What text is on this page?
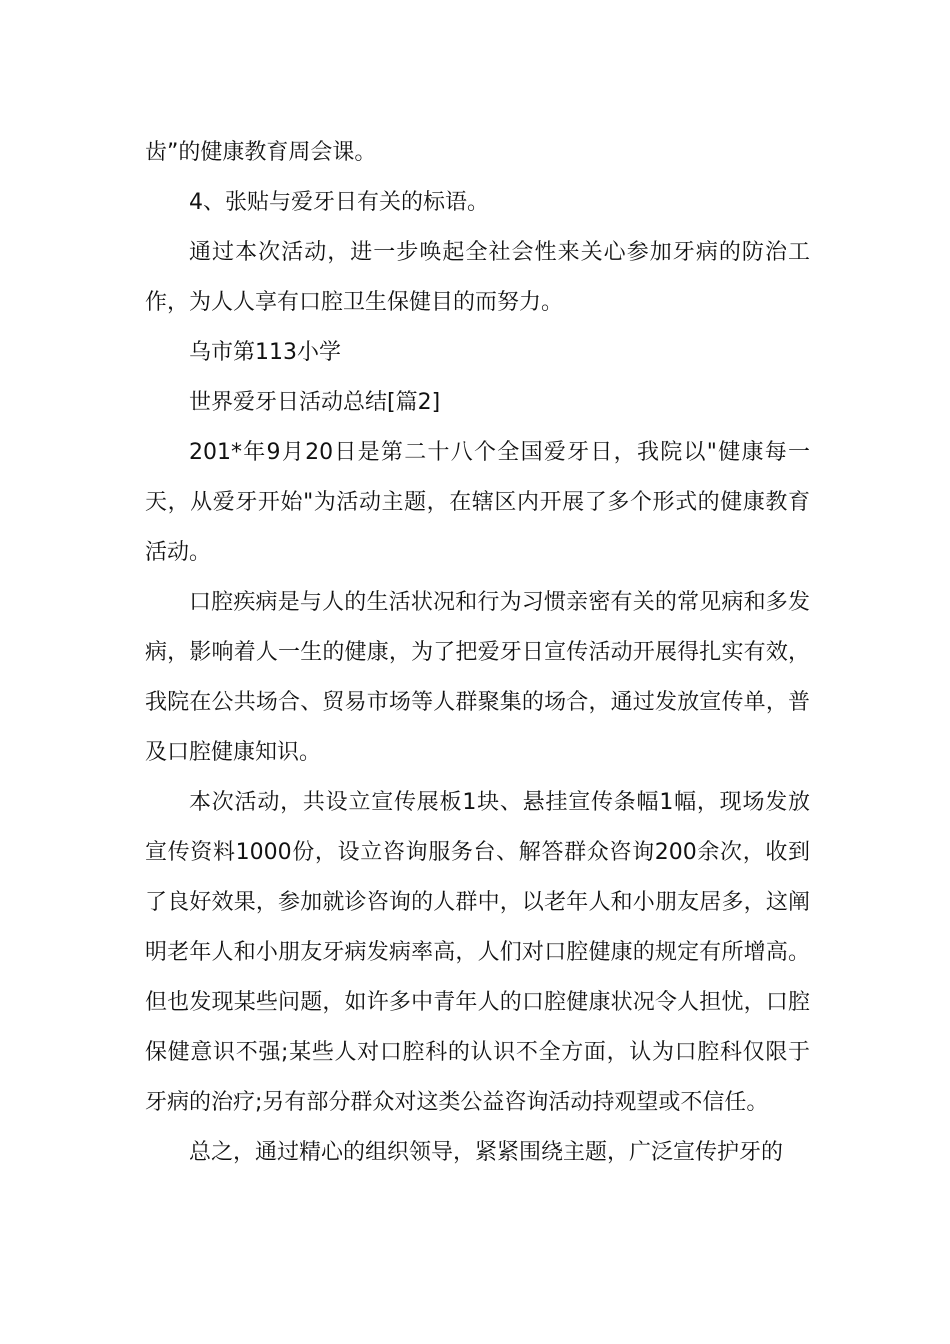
齿”的健康教育周会课。

4、张贴与爱牙日有关的标语。

通过本次活动，进一步唤起全社会性来关心参加牙病的防治工作，为人人享有口腔卫生保健目的而努力。

乌市第113小学

世界爱牙日活动总结[篇2]

201*年9月20日是第二十八个全国爱牙日，我院以"健康每一天，从爱牙开始"为活动主题，在辖区内开展了多个形式的健康教育活动。

口腔疾病是与人的生活状况和行为习惯亲密有关的常见病和多发病，影响着人一生的健康，为了把爱牙日宣传活动开展得扎实有效，我院在公共场合、贸易市场等人群聚集的场合，通过发放宣传单，普及口腔健康知识。

本次活动，共设立宣传展板1块、悬挂宣传条幅1幅，现场发放宣传资料1000份，设立咨询服务台、解答群众咨询200余次，收到了良好效果，参加就诊咨询的人群中，以老年人和小朋友居多，这阐明老年人和小朋友牙病发病率高，人们对口腔健康的规定有所增高。但也发现某些问题，如许多中青年人的口腔健康状况令人担忧，口腔保健意识不强;某些人对口腔科的认识不全方面，认为口腔科仅限于牙病的治疗;另有部分群众对这类公益咨询活动持观望或不信任。

总之，通过精心的组织领导，紧紧围绕主题，广泛宣传护牙的
